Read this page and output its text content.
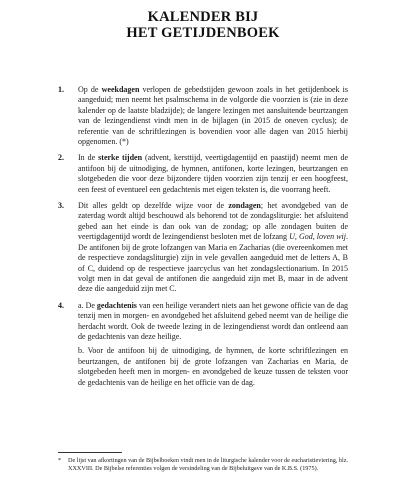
KALENDER BIJ
HET GETIJDENBOEK
1.	Op de weekdagen verlopen de gebedstijden gewoon zoals in het getijdenboek is aangeduid; men neemt het psalmschema in de volgorde die voorzien is (zie in deze kalender op de laatste bladzijde); de langere lezingen met aansluitende beurtzangen van de lezingendienst vindt men in de bijlagen (in 2015 de oneven cyclus); de referentie van de schriftlezingen is bovendien voor alle dagen van 2015 hierbij opgenomen. (*)

2.	In de sterke tijden (advent, kersttijd, veertigdagentijd en paastijd) neemt men de antifoon bij de uitnodiging, de hymnen, antifonen, korte lezingen, beurtzangen en slotgebeden die voor deze bijzondere tijden voorzien zijn tenzij er een hoogfeest, een feest of eventueel een gedachtenis met eigen teksten is, die voorrang heeft.

3.	Dit alles geldt op dezelfde wijze voor de zondagen; het avondgebed van de zaterdag wordt altijd beschouwd als behorend tot de zondagsliturgie: het afsluitend gebed aan het einde is dan ook van de zondag; op alle zondagen buiten de veertigdagentijd wordt de lezingendienst besloten met de lofzang U, God, loven wij. De antifonen bij de grote lofzangen van Maria en Zacharias (die overeenkomen met de respectieve zondagsliturgie) zijn in vele gevallen aangeduid met de letters A, B of C, duidend op de respectieve jaarcyclus van het zondagslectionarium. In 2015 volgt men in dat geval de antifonen die aangeduid zijn met B, maar in de advent deze die aangeduid zijn met C.

4.	a. De gedachtenis van een heilige verandert niets aan het gewone officie van de dag tenzij men in morgen- en avondgebed het afsluitend gebed neemt van de heilige die herdacht wordt. Ook de tweede lezing in de lezingendienst wordt dan ontleend aan de gedachtenis van deze heilige.

b. Voor de antifoon bij de uitnodiging, de hymnen, de korte schriftlezingen en beurtzangen, de antifonen bij de grote lofzangen van Zacharias en Maria, de slotgebeden heeft men in morgen- en avondgebed de keuze tussen de teksten voor de gedachtenis van de heilige en het officie van de dag.

*	De lijst van afkortingen van de Bijbelboeken vindt men in de liturgische kalender voor de eucharistieviering, blz. XXXVIII. De Bijbelse referenties volgen de versindeling van de Bijbeluitgave van de K.B.S. (1975).
